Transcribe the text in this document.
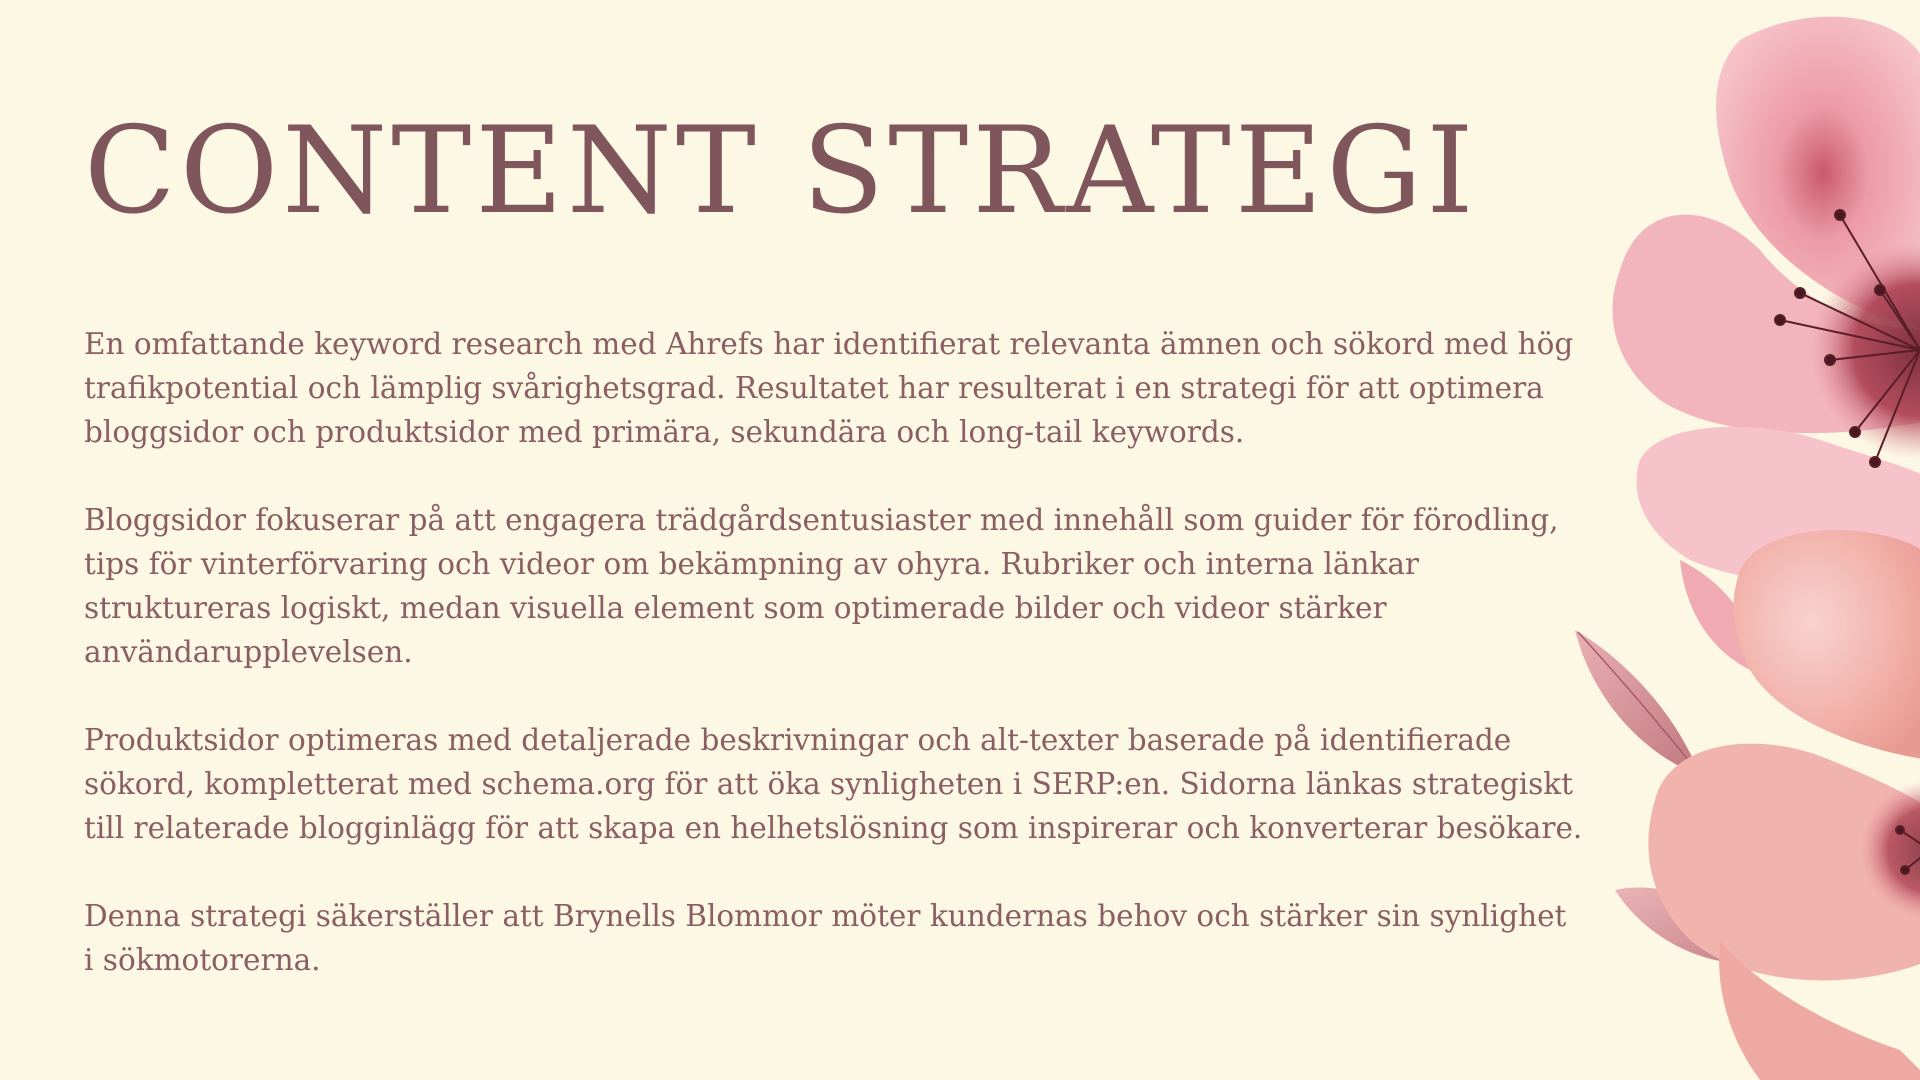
CONTENT STRATEGI

En omfattande keyword research med Ahrefs har identifierat relevanta ämnen och sökord med hög trafikpotential och lämplig svårighetsgrad. Resultatet har resulterat i en strategi för att optimera bloggsidor och produktsidor med primära, sekundära och long-tail keywords.

Bloggsidor fokuserar på att engagera trädgårdsentusiaster med innehåll som guider för förodling, tips för vinterförvaring och videor om bekämpning av ohyra. Rubriker och interna länkar struktureras logiskt, medan visuella element som optimerade bilder och videor stärker användarupplevelsen.

Produktsidor optimeras med detaljerade beskrivningar och alt-texter baserade på identifierade sökord, kompletterat med schema.org för att öka synligheten i SERP:en. Sidorna länkas strategiskt till relaterade blogginlägg för att skapa en helhetslösning som inspirerar och konverterar besökare.

Denna strategi säkerställer att Brynells Blommor möter kundernas behov och stärker sin synlighet i sökmotorerna.
